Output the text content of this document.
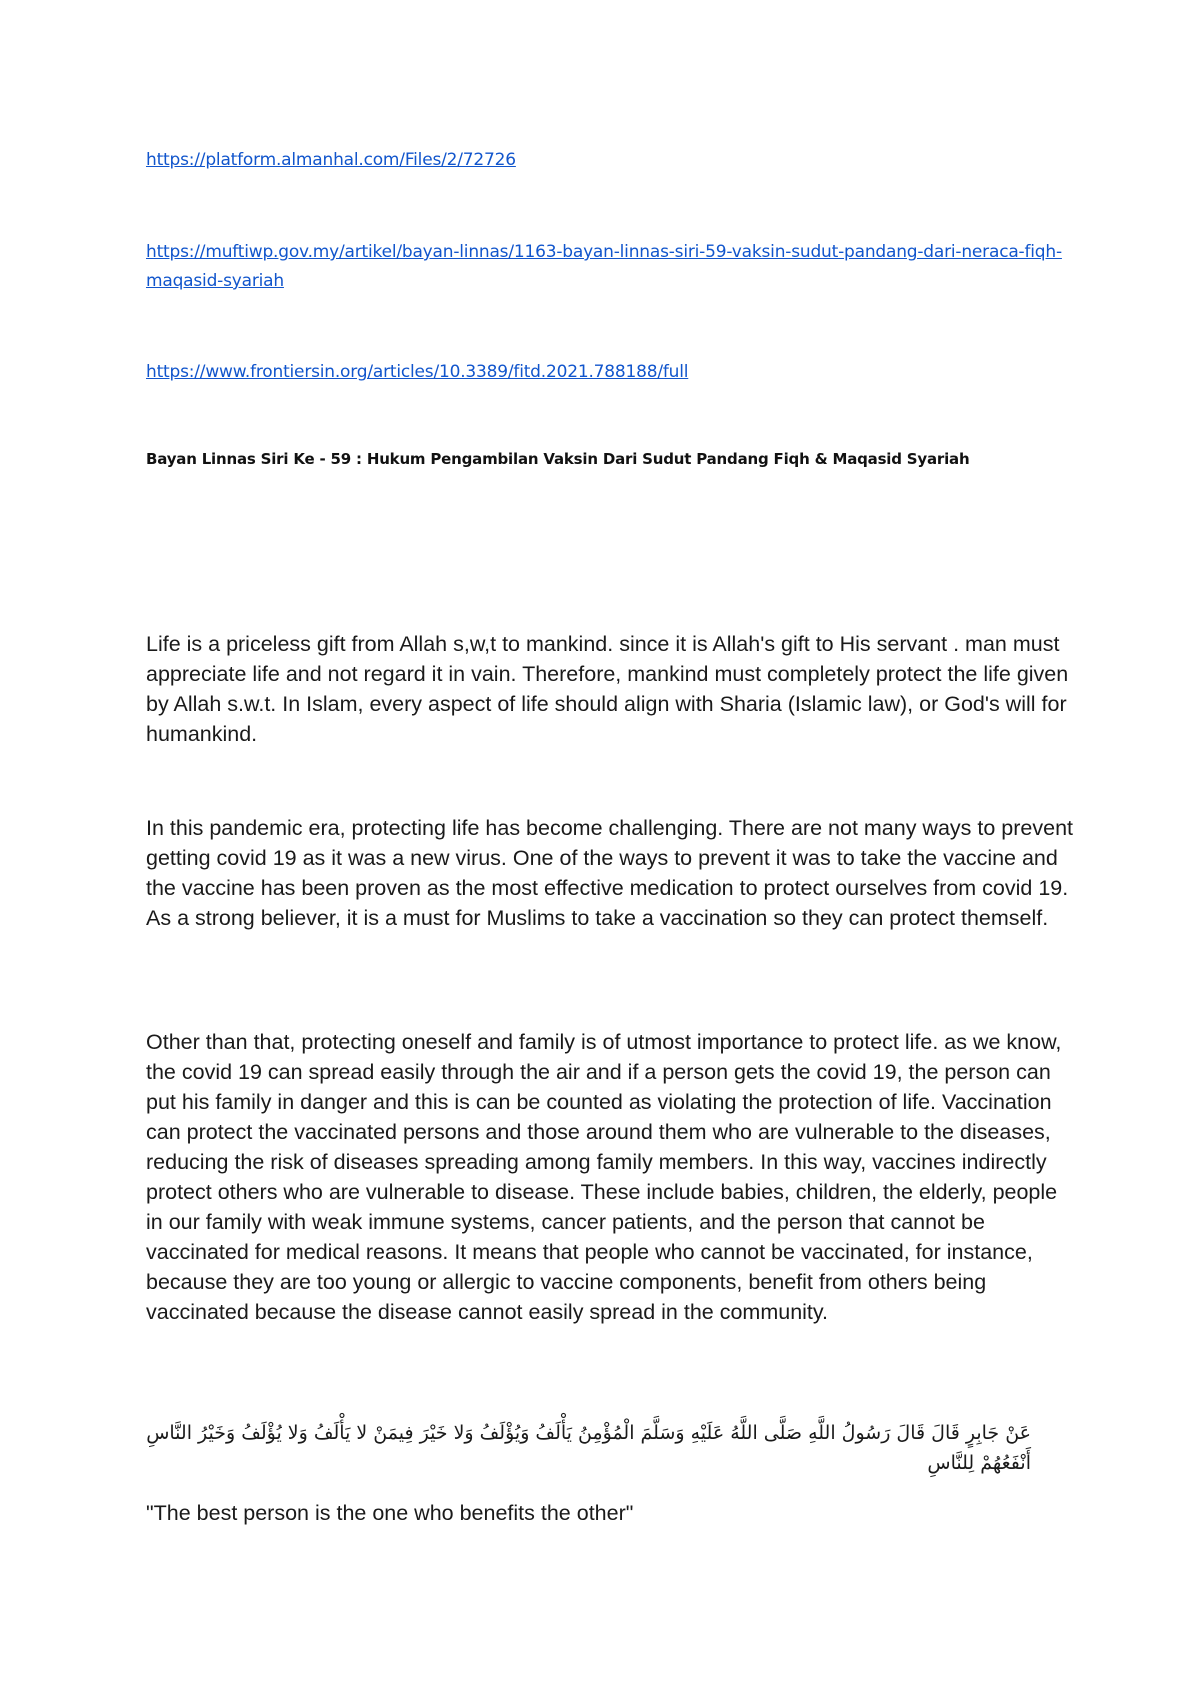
https://platform.almanhal.com/Files/2/72726
https://muftiwp.gov.my/artikel/bayan-linnas/1163-bayan-linnas-siri-59-vaksin-sudut-pandang-dari-neraca-fiqh-maqasid-syariah
https://www.frontiersin.org/articles/10.3389/fitd.2021.788188/full
Bayan Linnas Siri Ke - 59 : Hukum Pengambilan Vaksin Dari Sudut Pandang Fiqh & Maqasid Syariah

Life is a priceless gift from Allah s,w,t to mankind. since it is Allah's gift to His servant . man must appreciate life and not regard it in vain. Therefore, mankind must completely protect the life given by Allah s.w.t. In Islam, every aspect of life should align with Sharia (Islamic law), or God's will for humankind.

In this pandemic era, protecting life has become challenging. There are not many ways to prevent getting covid 19 as it was a new virus. One of the ways to prevent it was to take the vaccine and the vaccine has been proven as the most effective medication to protect ourselves from covid 19. As a strong believer, it is a must for Muslims to take a vaccination so they can protect themself.

Other than that, protecting oneself and family is of utmost importance to protect life. as we know, the covid 19 can spread easily through the air and if a person gets the covid 19, the person can put his family in danger and this is can be counted as violating the protection of life. Vaccination can protect the vaccinated persons and those around them who are vulnerable to the diseases, reducing the risk of diseases spreading among family members. In this way, vaccines indirectly protect others who are vulnerable to disease. These include babies, children, the elderly, people in our family with weak immune systems, cancer patients, and the person that cannot be vaccinated for medical reasons. It means that people who cannot be vaccinated, for instance, because they are too young or allergic to vaccine components, benefit from others being vaccinated because the disease cannot easily spread in the community.

عَنْ جَابِرٍ قَالَ قَالَ رَسُولُ اللَّهِ صَلَّى اللَّهُ عَلَيْهِ وَسَلَّمَ الْمُؤْمِنُ يَأْلَفُ وَيُؤْلَفُ وَلا خَيْرَ فِيمَنْ لا يَأْلَفُ وَلا يُؤْلَفُ وَخَيْرُ النَّاسِ أَنْفَعُهُمْ لِلنَّاسِ

"The best person is the one who benefits the other"
